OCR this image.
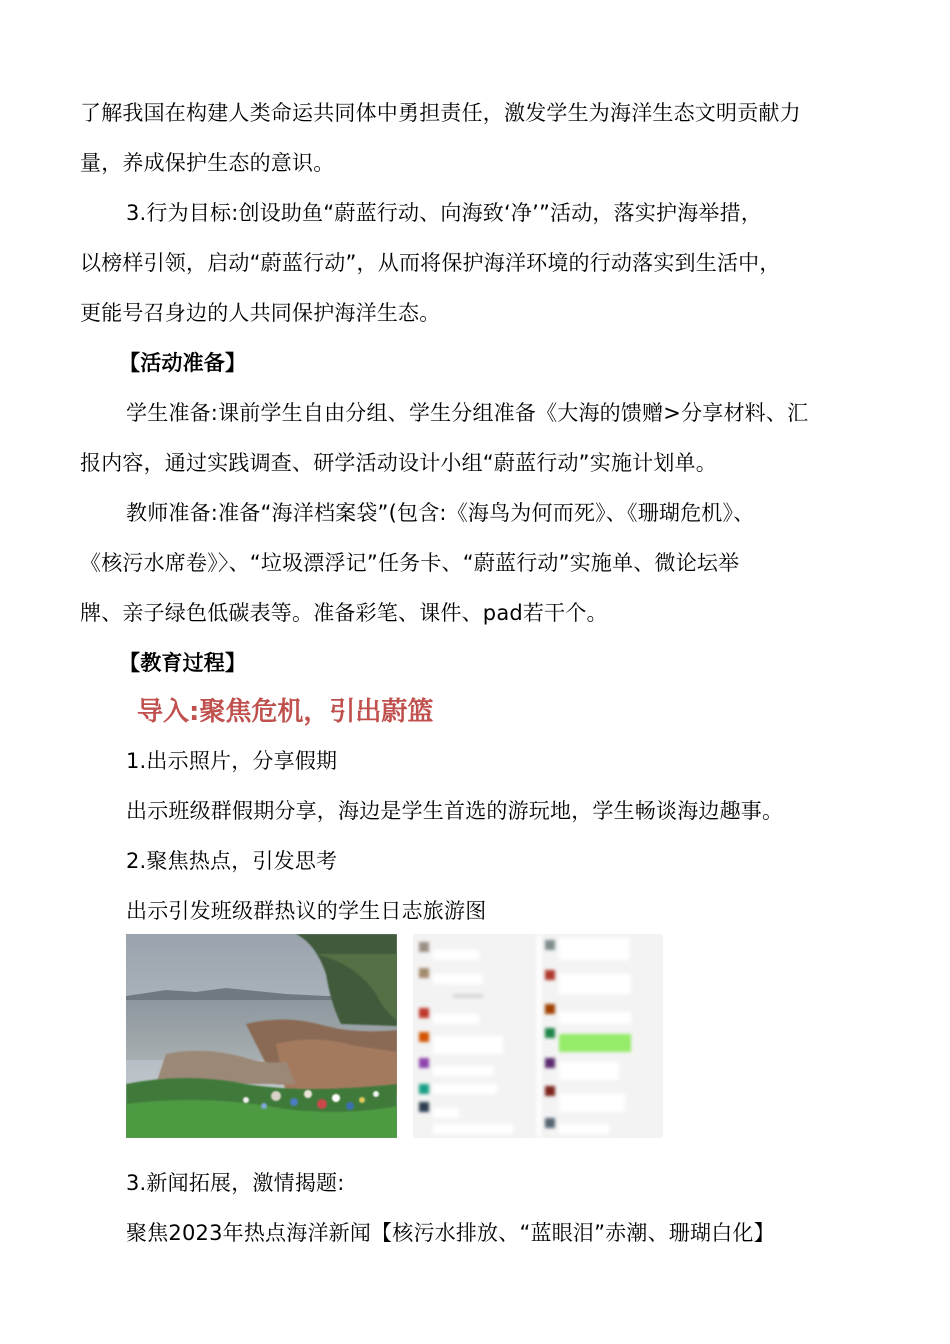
了解我国在构建人类命运共同体中勇担责任，激发学生为海洋生态文明贡献力
量，养成保护生态的意识。
3.行为目标:创设助鱼“蔚蓝行动、向海致‘净’”活动，落实护海举措，
以榜样引领，启动“蔚蓝行动”，从而将保护海洋环境的行动落实到生活中，
更能号召身边的人共同保护海洋生态。
【活动准备】
学生准备:课前学生自由分组、学生分组准备《大海的馈赠>分享材料、汇
报内容，通过实践调查、研学活动设计小组“蔚蓝行动”实施计划单。
教师准备:准备“海洋档案袋”(包含:《海鸟为何而死》、《珊瑚危机》、
《核污水席卷》〉、“垃圾漂浮记”任务卡、“蔚蓝行动”实施单、微论坛举
牌、亲子绿色低碳表等。准备彩笔、课件、pad若干个。
【教育过程】
导入:聚焦危机，引出蔚篮
1.出示照片，分享假期
出示班级群假期分享，海边是学生首选的游玩地，学生畅谈海边趣事。
2.聚焦热点，引发思考
出示引发班级群热议的学生日志旅游图
3.新闻拓展，激情揭题:
聚焦2023年热点海洋新闻【核污水排放、“蓝眼泪”赤潮、珊瑚白化】
